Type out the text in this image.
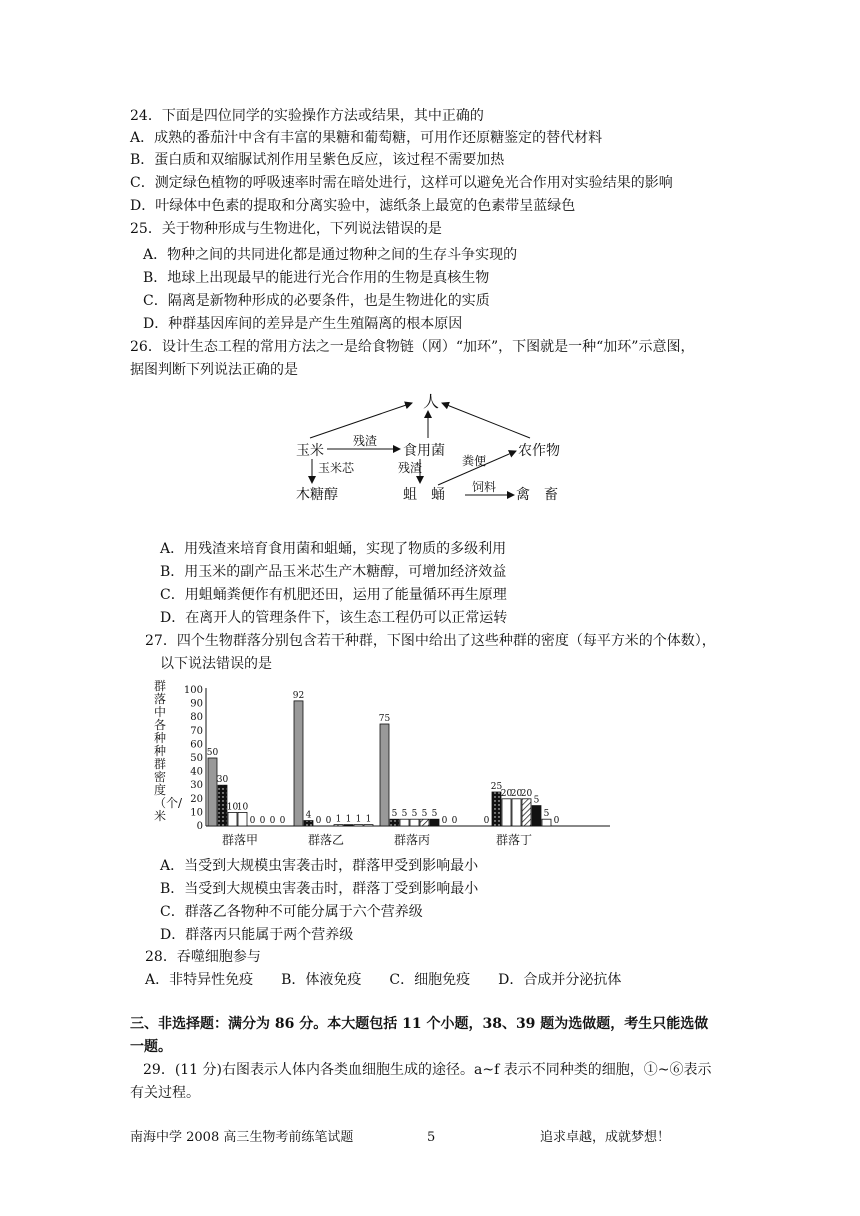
24．下面是四位同学的实验操作方法或结果，其中正确的
A．成熟的番茄汁中含有丰富的果糖和葡萄糖，可用作还原糖鉴定的替代材料
B．蛋白质和双缩脲试剂作用呈紫色反应，该过程不需要加热
C．测定绿色植物的呼吸速率时需在暗处进行，这样可以避免光合作用对实验结果的影响
D．叶绿体中色素的提取和分离实验中，滤纸条上最宽的色素带呈蓝绿色
25．关于物种形成与生物进化，下列说法错误的是
A．物种之间的共同进化都是通过物种之间的生存斗争实现的
B．地球上出现最早的能进行光合作用的生物是真核生物
C．隔离是新物种形成的必要条件，也是生物进化的实质
D．种群基因库间的差异是产生生殖隔离的根本原因
26．设计生态工程的常用方法之一是给食物链（网）“加环”，下图就是一种“加环”示意图，
据图判断下列说法正确的是
人
玉米	食用菌	农作物
木糖醇	蛆　蛹	禽　畜
残渣
玉米芯	残渣	粪便
饲料
A．用残渣来培育食用菌和蛆蛹，实现了物质的多级利用
B．用玉米的副产品玉米芯生产木糖醇，可增加经济效益
C．用蛆蛹粪便作有机肥还田，运用了能量循环再生原理
D．在离开人的管理条件下，该生态工程仍可以正常运转
27．四个生物群落分别包含若干种群，下图中给出了这些种群的密度（每平方米的个体数），
以下说法错误的是
群落中各种种群密度（个/米
0
10
20
30
40
50
60
70
80
90
100
50
30
10
10
0 0 0 0
群落甲
92
4
0 0 1 1 1 1
群落乙
75
5 5 5 5 5
0 0
群落丙
0
25
20
20
20
5
5
0
群落丁
A．当受到大规模虫害袭击时，群落甲受到影响最小
B．当受到大规模虫害袭击时，群落丁受到影响最小
C．群落乙各物种不可能分属于六个营养级
D．群落丙只能属于两个营养级
28．吞噬细胞参与
A．非特异性免疫　　B．体液免疫　　C．细胞免疫　　D．合成并分泌抗体
三、非选择题：满分为 86 分。本大题包括 11 个小题，38、39 题为选做题，考生只能选做
一题。
29．(11 分)右图表示人体内各类血细胞生成的途径。a~f 表示不同种类的细胞，①~⑥表示
有关过程。
南海中学 2008 高三生物考前练笔试题	5	追求卓越，成就梦想！
